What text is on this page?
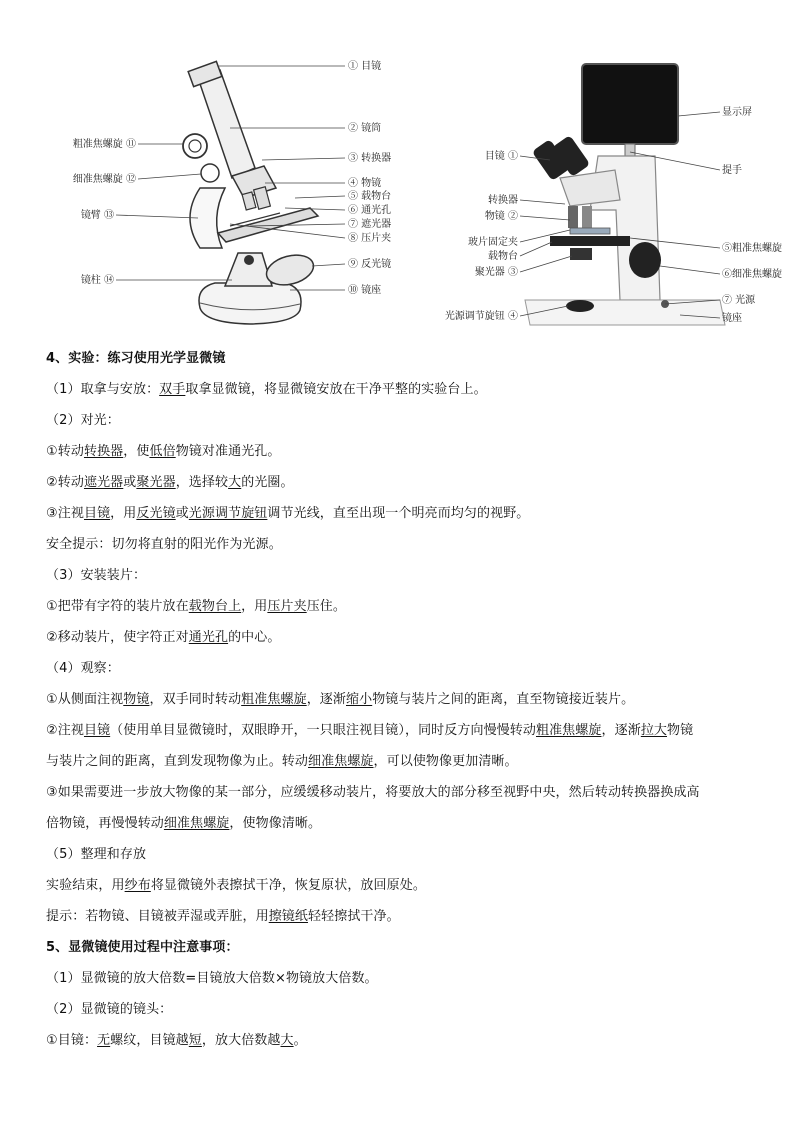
① 目镜
② 镜筒
③ 转换器
④ 物镜
⑤ 载物台
⑥ 通光孔
⑦ 遮光器
⑧ 压片夹
⑨ 反光镜
⑩ 镜座
粗准焦螺旋 ⑪
细准焦螺旋 ⑫
镜臂 ⑬
镜柱 ⑭
显示屏
提手
目镜 ①
转换器
物镜 ②
玻片固定夹
载物台
聚光器 ③
光源调节旋钮 ④
⑤粗准焦螺旋
⑥细准焦螺旋
⑦ 光源
镜座
4、实验：练习使用光学显微镜
（1）取拿与安放：双手取拿显微镜，将显微镜安放在干净平整的实验台上。
（2）对光：
①转动转换器，使低倍物镜对准通光孔。
②转动遮光器或聚光器，选择较大的光圈。
③注视目镜，用反光镜或光源调节旋钮调节光线，直至出现一个明亮而均匀的视野。
安全提示：切勿将直射的阳光作为光源。
（3）安装装片：
①把带有字符的装片放在载物台上，用压片夹压住。
②移动装片，使字符正对通光孔的中心。
（4）观察：
①从侧面注视物镜，双手同时转动粗准焦螺旋，逐渐缩小物镜与装片之间的距离，直至物镜接近装片。
②注视目镜（使用单目显微镜时，双眼睁开，一只眼注视目镜），同时反方向慢慢转动粗准焦螺旋，逐渐拉大物镜
与装片之间的距离，直到发现物像为止。转动细准焦螺旋，可以使物像更加清晰。
③如果需要进一步放大物像的某一部分，应缓缓移动装片，将要放大的部分移至视野中央，然后转动转换器换成高
倍物镜，再慢慢转动细准焦螺旋，使物像清晰。
（5）整理和存放
实验结束，用纱布将显微镜外表擦拭干净，恢复原状，放回原处。
提示：若物镜、目镜被弄湿或弄脏，用擦镜纸轻轻擦拭干净。
5、显微镜使用过程中注意事项：
（1）显微镜的放大倍数=目镜放大倍数×物镜放大倍数。
（2）显微镜的镜头：
①目镜：无螺纹，目镜越短，放大倍数越大。
